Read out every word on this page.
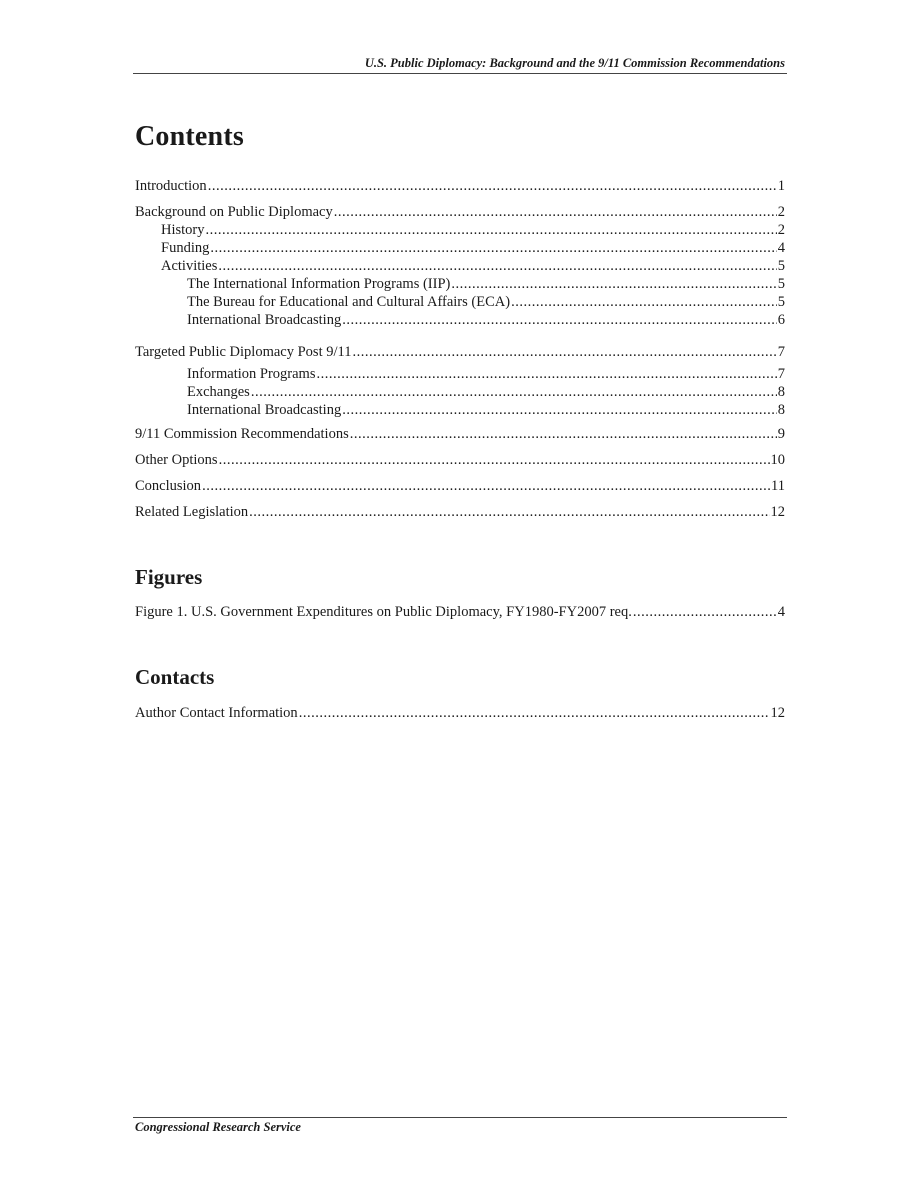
U.S. Public Diplomacy: Background and the 9/11 Commission Recommendations
Contents
Introduction .....	1
Background on Public Diplomacy .....	2
History .....	2
Funding .....	4
Activities .....	5
The International Information Programs (IIP) .....	5
The Bureau for Educational and Cultural Affairs (ECA) .....	5
International Broadcasting .....	6
Targeted Public Diplomacy Post 9/11 .....	7
Information Programs .....	7
Exchanges .....	8
International Broadcasting .....	8
9/11 Commission Recommendations .....	9
Other Options .....	10
Conclusion .....	11
Related Legislation .....	12
Figures
Figure 1. U.S. Government Expenditures on Public Diplomacy, FY1980-FY2007 req. .....	4
Contacts
Author Contact Information .....	12
Congressional Research Service
